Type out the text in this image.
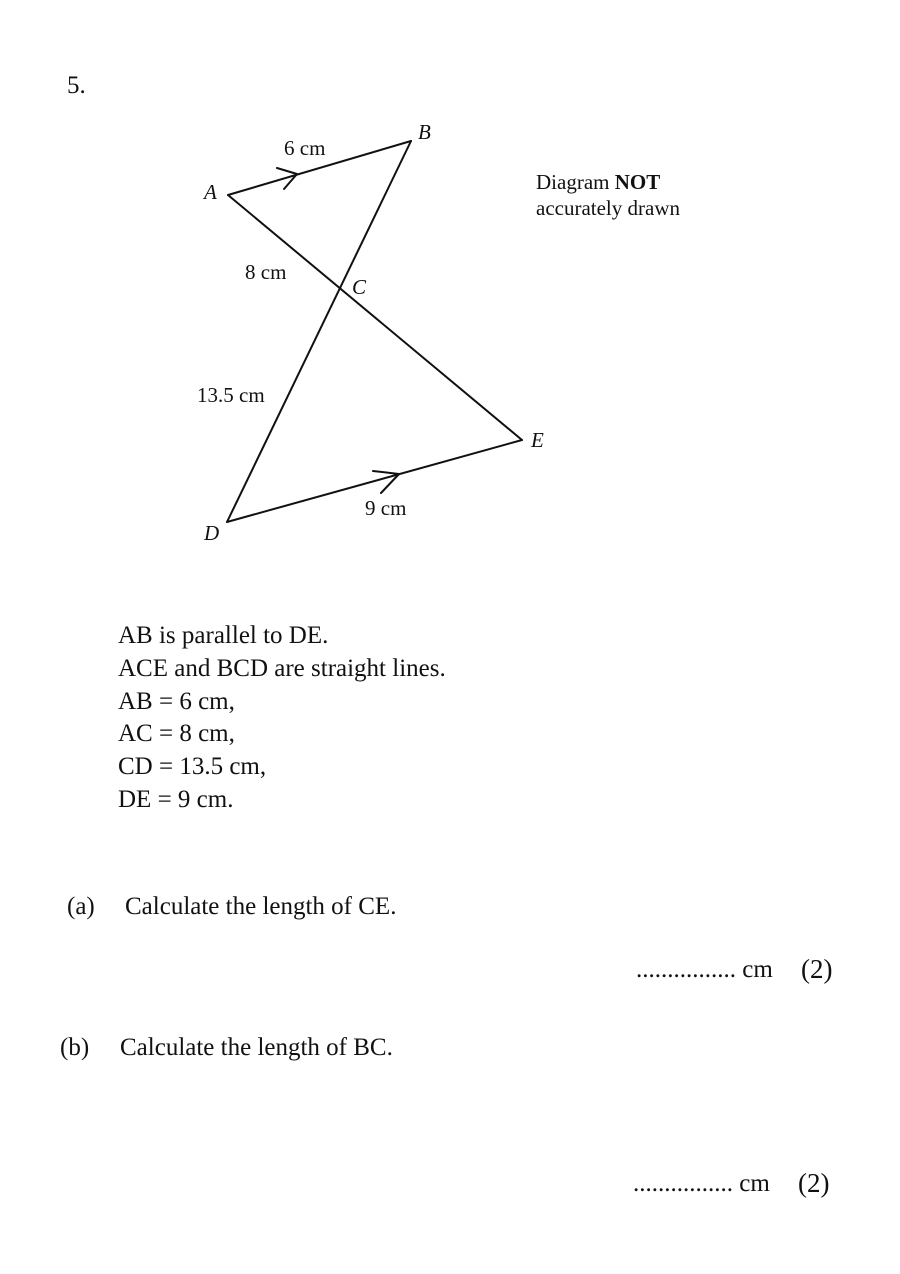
5.
A
B
C
D
E
6 cm
8 cm
13.5 cm
9 cm
Diagram NOT
accurately drawn
AB is parallel to DE.
ACE and BCD are straight lines.
AB = 6 cm,
AC = 8 cm,
CD = 13.5 cm,
DE = 9 cm.
(a) Calculate the length of CE.
................ cm (2)
(b) Calculate the length of BC.
................ cm (2)
